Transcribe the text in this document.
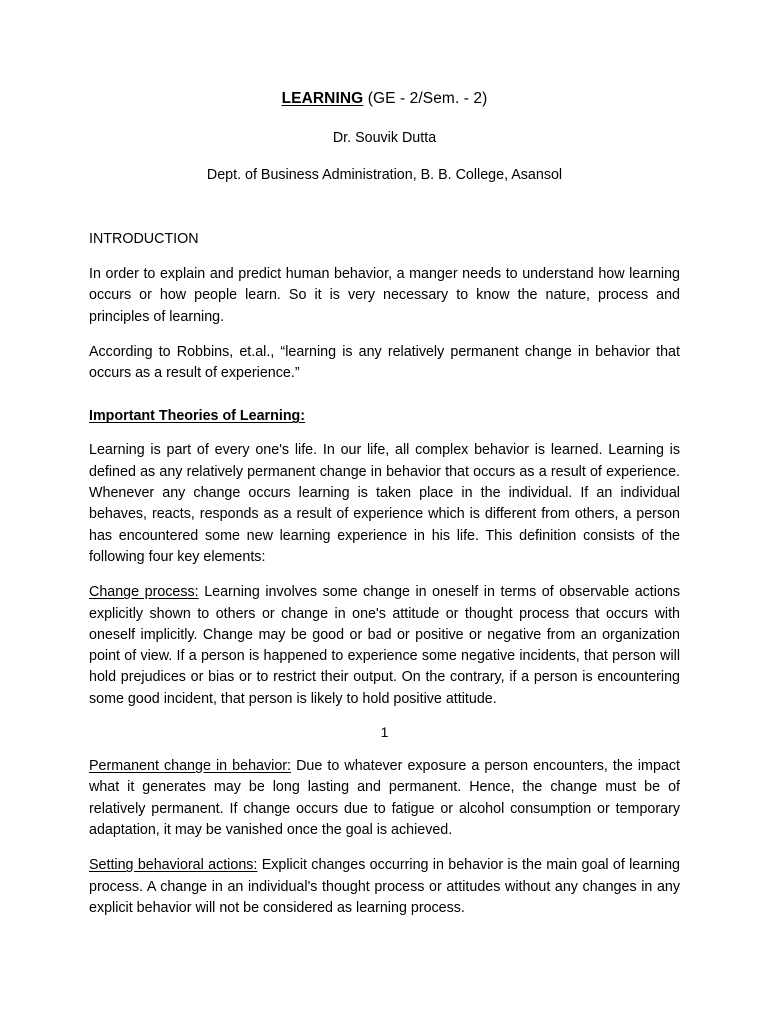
LEARNING (GE - 2/Sem. - 2)

Dr. Souvik Dutta

Dept. of Business Administration, B. B. College, Asansol

INTRODUCTION

In order to explain and predict human behavior, a manger needs to understand how learning occurs or how people learn. So it is very necessary to know the nature, process and principles of learning.

According to Robbins, et.al., “learning is any relatively permanent change in behavior that occurs as a result of experience.”

Important Theories of Learning:

Learning is part of every one's life. In our life, all complex behavior is learned. Learning is defined as any relatively permanent change in behavior that occurs as a result of experience. Whenever any change occurs learning is taken place in the individual. If an individual behaves, reacts, responds as a result of experience which is different from others, a person has encountered some new learning experience in his life. This definition consists of the following four key elements:

Change process: Learning involves some change in oneself in terms of observable actions explicitly shown to others or change in one's attitude or thought process that occurs with oneself implicitly. Change may be good or bad or positive or negative from an organization point of view. If a person is happened to experience some negative incidents, that person will hold prejudices or bias or to restrict their output. On the contrary, if a person is encountering some good incident, that person is likely to hold positive attitude.

1

Permanent change in behavior: Due to whatever exposure a person encounters, the impact what it generates may be long lasting and permanent. Hence, the change must be of relatively permanent. If change occurs due to fatigue or alcohol consumption or temporary adaptation, it may be vanished once the goal is achieved.

Setting behavioral actions: Explicit changes occurring in behavior is the main goal of learning process. A change in an individual's thought process or attitudes without any changes in any explicit behavior will not be considered as learning process.
